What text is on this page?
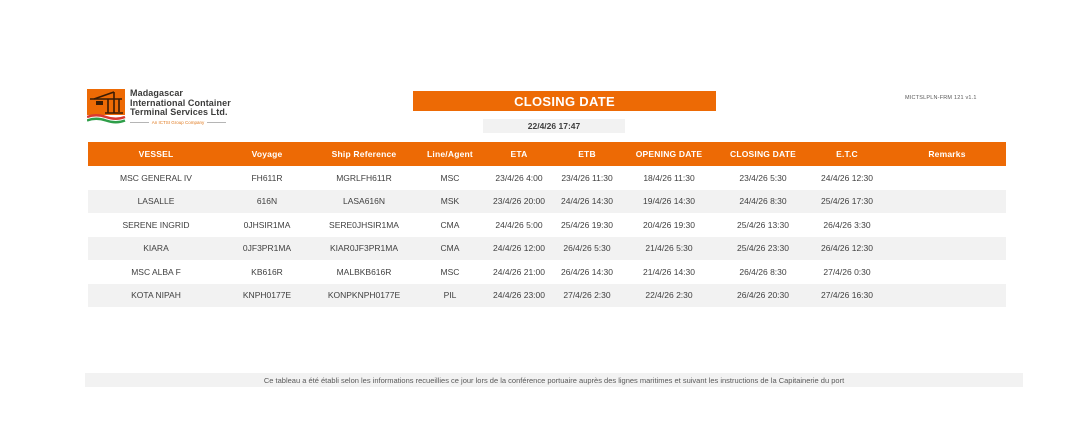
Madagascar
International Container
Terminal Services Ltd.
An ICTSI Group Company
MICTSLPLN-FRM 121 v1.1
CLOSING DATE
22/4/26 17:47
VESSEL	Voyage	Ship Reference	Line/Agent	ETA	ETB	OPENING DATE	CLOSING DATE	E.T.C	Remarks
MSC GENERAL IV	FH611R	MGRLFH611R	MSC	23/4/26 4:00	23/4/26 11:30	18/4/26 11:30	23/4/26 5:30	24/4/26 12:30	
LASALLE	616N	LASA616N	MSK	23/4/26 20:00	24/4/26 14:30	19/4/26 14:30	24/4/26 8:30	25/4/26 17:30	
SERENE INGRID	0JHSIR1MA	SERE0JHSIR1MA	CMA	24/4/26 5:00	25/4/26 19:30	20/4/26 19:30	25/4/26 13:30	26/4/26 3:30	
KIARA	0JF3PR1MA	KIAR0JF3PR1MA	CMA	24/4/26 12:00	26/4/26 5:30	21/4/26 5:30	25/4/26 23:30	26/4/26 12:30	
MSC ALBA F	KB616R	MALBKB616R	MSC	24/4/26 21:00	26/4/26 14:30	21/4/26 14:30	26/4/26 8:30	27/4/26 0:30	
KOTA NIPAH	KNPH0177E	KONPKNPH0177E	PIL	24/4/26 23:00	27/4/26 2:30	22/4/26 2:30	26/4/26 20:30	27/4/26 16:30	
Ce tableau a été établi selon les informations recueillies ce jour lors de la conférence portuaire auprès des lignes maritimes et suivant les instructions de la Capitainerie du port
